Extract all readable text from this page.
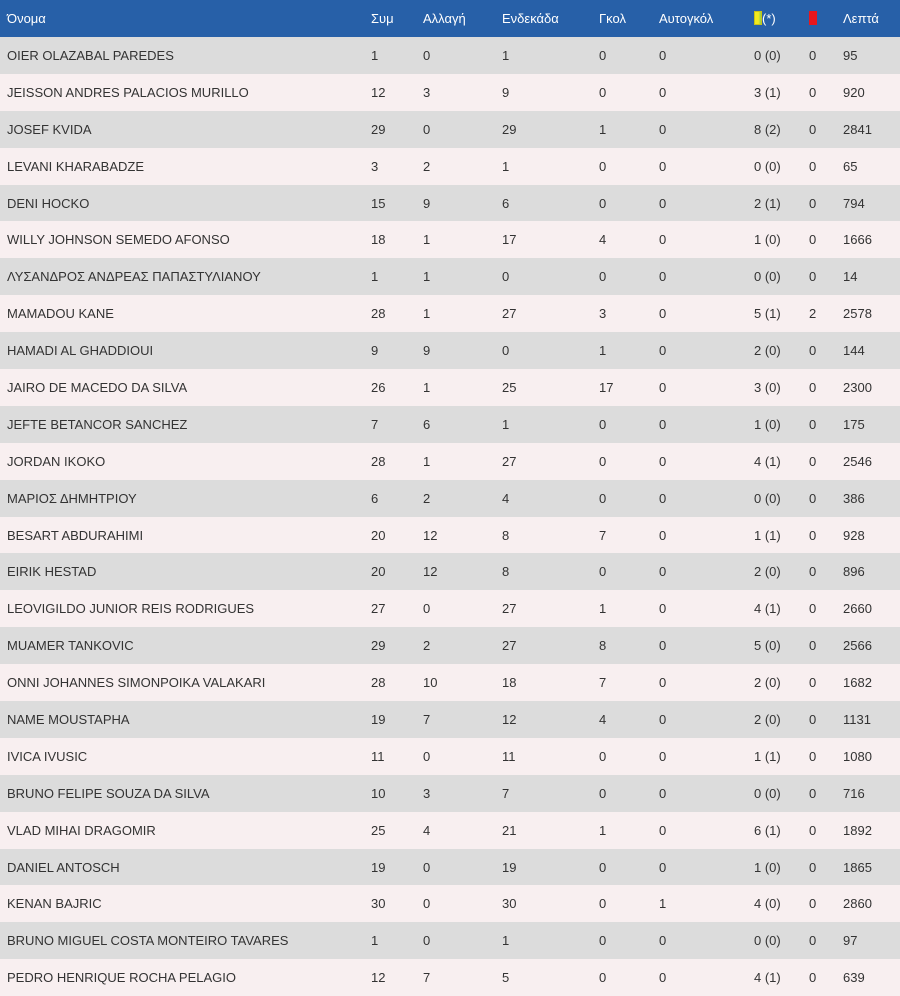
Όνομα	Συμ	Αλλαγή	Ενδεκάδα	Γκολ	Αυτογκόλ	(*)		Λεπτά
OIER OLAZABAL PAREDES	1	0	1	0	0	0 (0)	0	95
JEISSON ANDRES PALACIOS MURILLO	12	3	9	0	0	3 (1)	0	920
JOSEF KVIDA	29	0	29	1	0	8 (2)	0	2841
LEVANI KHARABADZE	3	2	1	0	0	0 (0)	0	65
DENI HOCKO	15	9	6	0	0	2 (1)	0	794
WILLY JOHNSON SEMEDO AFONSO	18	1	17	4	0	1 (0)	0	1666
ΛΥΣΑΝΔΡΟΣ ΑΝΔΡΕΑΣ ΠΑΠΑΣΤΥΛΙΑΝΟΥ	1	1	0	0	0	0 (0)	0	14
MAMADOU KANE	28	1	27	3	0	5 (1)	2	2578
HAMADI AL GHADDIOUI	9	9	0	1	0	2 (0)	0	144
JAIRO DE MACEDO DA SILVA	26	1	25	17	0	3 (0)	0	2300
JEFTE BETANCOR SANCHEZ	7	6	1	0	0	1 (0)	0	175
JORDAN IKOKO	28	1	27	0	0	4 (1)	0	2546
ΜΑΡΙΟΣ ΔΗΜΗΤΡΙΟΥ	6	2	4	0	0	0 (0)	0	386
BESART ABDURAHIMI	20	12	8	7	0	1 (1)	0	928
EIRIK HESTAD	20	12	8	0	0	2 (0)	0	896
LEOVIGILDO JUNIOR REIS RODRIGUES	27	0	27	1	0	4 (1)	0	2660
MUAMER TANKOVIC	29	2	27	8	0	5 (0)	0	2566
ONNI JOHANNES SIMONPOIKA VALAKARI	28	10	18	7	0	2 (0)	0	1682
NAME MOUSTAPHA	19	7	12	4	0	2 (0)	0	1131
IVICA IVUSIC	11	0	11	0	0	1 (1)	0	1080
BRUNO FELIPE SOUZA DA SILVA	10	3	7	0	0	0 (0)	0	716
VLAD MIHAI DRAGOMIR	25	4	21	1	0	6 (1)	0	1892
DANIEL ANTOSCH	19	0	19	0	0	1 (0)	0	1865
KENAN BAJRIC	30	0	30	0	1	4 (0)	0	2860
BRUNO MIGUEL COSTA MONTEIRO TAVARES	1	0	1	0	0	0 (0)	0	97
PEDRO HENRIQUE ROCHA PELAGIO	12	7	5	0	0	4 (1)	0	639
